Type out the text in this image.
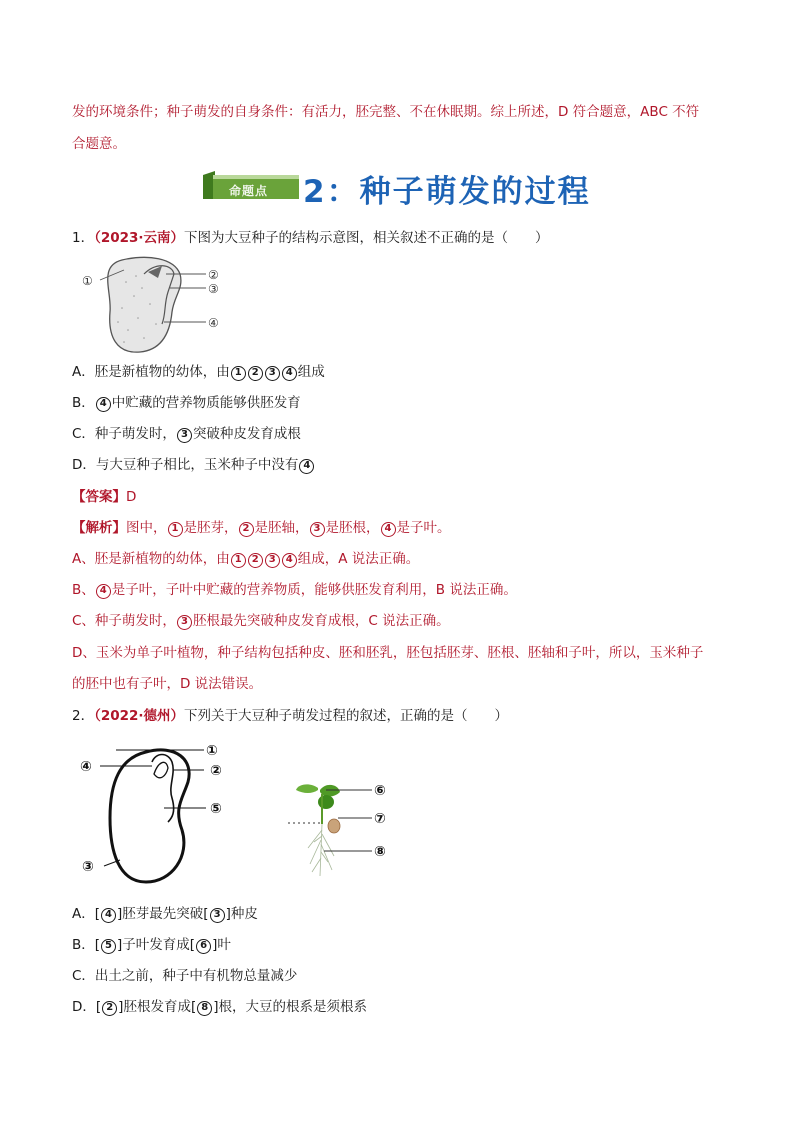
发的环境条件；种子萌发的自身条件：有活力，胚完整、不在休眠期。综上所述，D 符合题意，ABC 不符
合题意。
命题点 2：种子萌发的过程
1．（2023·云南）下图为大豆种子的结构示意图，相关叙述不正确的是（　　）
①	②
③
④
A．胚是新植物的幼体，由 1 2 3 4 组成
B． 4 中贮藏的营养物质能够供胚发育
C．种子萌发时， 3 突破种皮发育成根
D．与大豆种子相比，玉米种子中没有 4
【答案】D
【解析】图中， 1 是胚芽， 2 是胚轴， 3 是胚根， 4 是子叶。
A、胚是新植物的幼体，由 1 2 3 4 组成，A 说法正确。
B、 4 是子叶，子叶中贮藏的营养物质，能够供胚发育利用，B 说法正确。
C、种子萌发时， 3 胚根最先突破种皮发育成根，C 说法正确。
D、玉米为单子叶植物，种子结构包括种皮、胚和胚乳，胚包括胚芽、胚根、胚轴和子叶，所以，玉米种子
的胚中也有子叶，D 说法错误。
2．（2022·德州）下列关于大豆种子萌发过程的叙述，正确的是（　　）
①
②
③
④
⑤
⑥
⑦
⑧
A．[ 4 ]胚芽最先突破[ 3 ]种皮
B．[ 5 ]子叶发育成[ 6 ]叶
C．出土之前，种子中有机物总量减少
D．[ 2 ]胚根发育成[ 8 ]根，大豆的根系是须根系
